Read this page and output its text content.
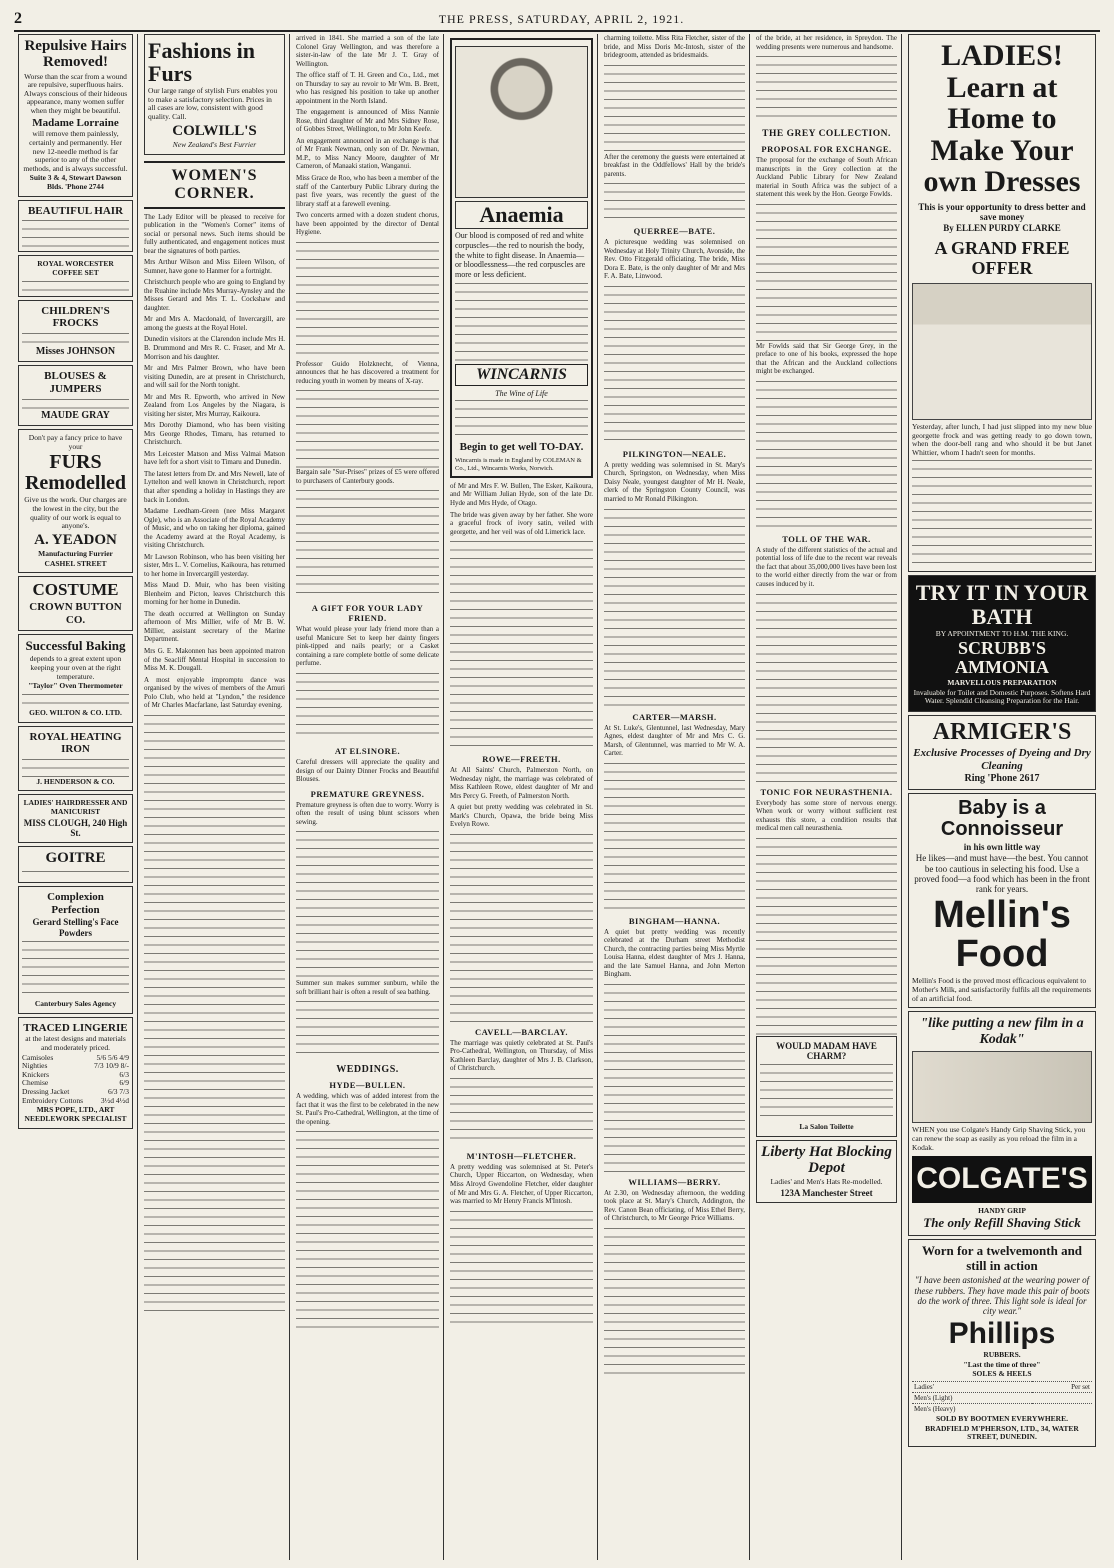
2	THE PRESS, SATURDAY, APRIL 2, 1921.
Repulsive Hairs Removed!

Worse than the scar from a wound are repulsive, superfluous hairs. Always conscious of their hideous appearance, many women suffer when they might be beautiful.

Madame Lorraine

will remove them painlessly, certainly and permanently. Her new 12-needle method is far superior to any of the other methods, and is always successful.

Suite 3 & 4, Stewart Dawson Blds. 'Phone 2744

BEAUTIFUL HAIR

ROYAL WORCESTER COFFEE SET

CHILDREN'S FROCKS

Misses JOHNSON

BLOUSES & JUMPERS

MAUDE GRAY

Don't pay a fancy price to have your

FURS Remodelled

Give us the work. Our charges are the lowest in the city, but the quality of our work is equal to anyone's.

A. YEADON

Manufacturing Furrier

CASHEL STREET

COSTUME
CROWN BUTTON CO.
Successful Baking

depends to a great extent upon keeping your oven at the right temperature.

"Taylor" Oven Thermometer

GEO. WILTON & CO. LTD.

ROYAL HEATING IRON

J. HENDERSON & CO.

LADIES' HAIRDRESSER AND MANICURIST

MISS CLOUGH, 240 High St.

GOITRE
Complexion Perfection

Gerard Stelling's Face Powders

Canterbury Sales Agency

TRACED LINGERIE

at the latest designs and materials and moderately priced.

Camisoles	5/6 5/6 4/9
Nighties	7/3 10/9 8/-
Knickers	6/3
Chemise	6/9
Dressing Jacket	6/3 7/3
Embroidery Cottons 3½d 4½d

MRS POPE, LTD., ART NEEDLEWORK SPECIALIST

Fashions in Furs

Our large range of stylish Furs enables you to make a satisfactory selection. Prices in all cases are low, consistent with good quality. Call.

COLWILL'S

New Zealand's Best Furrier

WOMEN'S CORNER.

The Lady Editor will be pleased to receive for publication in the "Women's Corner" items of social or personal news. Such items should be fully authenticated, and engagement notices must bear the signatures of both parties.

Mrs Arthur Wilson and Miss Eileen Wilson, of Sumner, have gone to Hanmer for a fortnight.

Christchurch people who are going to England by the Ruahine include Mrs Murray-Aynsley and the Misses Gerard and Mrs T. L. Cockshaw and daughter.

Mr and Mrs A. Macdonald, of Invercargill, are among the guests at the Royal Hotel.

Dunedin visitors at the Clarendon include Mrs H. B. Drummond and Mrs R. C. Fraser, and Mr A. Morrison and his daughter.

Mr and Mrs Palmer Brown, who have been visiting Dunedin, are at present in Christchurch, and will sail for the North tonight.

Mr and Mrs R. Epworth, who arrived in New Zealand from Los Angeles by the Niagara, is visiting her sister, Mrs Murray, Kaikoura.

Mrs Dorothy Diamond, who has been visiting Mrs George Rhodes, Timaru, has returned to Christchurch.

Mrs Leicester Matson and Miss Valmai Matson have left for a short visit to Timaru and Dunedin.

The latest letters from Dr. and Mrs Newell, late of Lyttelton and well known in Christchurch, report that after spending a holiday in Hastings they are back in London.

Madame Leedham-Green (nee Miss Margaret Ogle), who is an Associate of the Royal Academy of Music, and who on taking her diploma, gained the Academy award at the Royal Academy, is visiting Christchurch.

Mr Lawson Robinson, who has been visiting her sister, Mrs L. V. Cornelius, Kaikoura, has returned to her home in Invercargill yesterday.

Miss Maud D. Muir, who has been visiting Blenheim and Picton, leaves Christchurch this morning for her home in Dunedin.

The death occurred at Wellington on Sunday afternoon of Mrs Millier, wife of Mr B. W. Millier, assistant secretary of the Marine Department.

Mrs G. E. Makonnen has been appointed matron of the Seacliff Mental Hospital in succession to Miss M. K. Dougall.

A most enjoyable impromptu dance was organised by the wives of members of the Amuri Polo Club, who held at "Lyndon," the residence of Mr Charles Macfarlane, last Saturday evening.

arrived in 1841. She married a son of the late Colonel Gray Wellington, and was therefore a sister-in-law of the late Mr J. T. Gray of Wellington.

The office staff of T. H. Green and Co., Ltd., met on Thursday to say au revoir to Mr Wm. B. Brett, who has resigned his position to take up another appointment in the North Island.

The engagement is announced of Miss Nannie Rose, third daughter of Mr and Mrs Sidney Rose, of Gobbes Street, Wellington, to Mr John Keefe.

An engagement announced in an exchange is that of Mr Frank Newman, only son of Dr. Newman, M.P., to Miss Nancy Moore, daughter of Mr Cameron, of Manaaki station, Wanganui.

Miss Grace de Roo, who has been a member of the staff of the Canterbury Public Library during the past five years, was recently the guest of the library staff at a farewell evening.

Two concerts armed with a dozen student chorus, have been appointed by the director of Dental Hygiene.

Professor Guido Holzknecht, of Vienna, announces that he has discovered a treatment for reducing youth in women by means of X-ray.

Bargain sale "Sur-Prises" prizes of £5 were offered to purchasers of Canterbury goods.

A GIFT FOR YOUR LADY FRIEND.

What would please your lady friend more than a useful Manicure Set to keep her dainty fingers pink-tipped and nails pearly; or a Casket containing a rare complete bottle of some delicate perfume.

AT ELSINORE.

Careful dressers will appreciate the quality and design of our Dainty Dinner Frocks and Beautiful Blouses.

PREMATURE GREYNESS.

Premature greyness is often due to worry. Worry is often the result of using blunt scissors when sewing.

Summer sun makes summer sunburn, while the soft brilliant hair is often a result of sea bathing.

WEDDINGS.
HYDE—BULLEN.

A wedding, which was of added interest from the fact that it was the first to be celebrated in the new St. Paul's Pro-Cathedral, Wellington, at the time of the opening.

Anaemia

Our blood is composed of red and white corpuscles—the red to nourish the body, the white to fight disease. In Anaemia—or bloodlessness—the red corpuscles are more or less deficient.

WINCARNIS

The Wine of Life

Begin to get well TO-DAY.

Wincarnis is made in England by COLEMAN & Co., Ltd., Wincarnis Works, Norwich.

of Mr and Mrs F. W. Bullen, The Esker, Kaikoura, and Mr William Julian Hyde, son of the late Dr. Hyde and Mrs Hyde, of Otago.

The bride was given away by her father. She wore a graceful frock of ivory satin, veiled with georgette, and her veil was of old Limerick lace.

ROWE—FREETH.

At All Saints' Church, Palmerston North, on Wednesday night, the marriage was celebrated of Miss Kathleen Rowe, eldest daughter of Mr and Mrs Percy G. Freeth, of Palmerston North.

A quiet but pretty wedding was celebrated in St. Mark's Church, Opawa, the bride being Miss Evelyn Rowe.

CAVELL—BARCLAY.

The marriage was quietly celebrated at St. Paul's Pro-Cathedral, Wellington, on Thursday, of Miss Kathleen Barclay, daughter of Mrs J. B. Clarkson, of Christchurch.

M'INTOSH—FLETCHER.

A pretty wedding was solemnised at St. Peter's Church, Upper Riccarton, on Wednesday, when Miss Alroyd Gwendoline Fletcher, elder daughter of Mr and Mrs G. A. Fletcher, of Upper Riccarton, was married to Mr Henry Francis M'Intosh.

charming toilette. Miss Rita Fletcher, sister of the bride, and Miss Doris Mc-Intosh, sister of the bridegroom, attended as bridesmaids.

After the ceremony the guests were entertained at breakfast in the Oddfellows' Hall by the bride's parents.

QUERREE—BATE.

A picturesque wedding was solemnised on Wednesday at Holy Trinity Church, Avonside, the Rev. Otto Fitzgerald officiating. The bride, Miss Dora E. Bate, is the only daughter of Mr and Mrs F. A. Bate, Linwood.

PILKINGTON—NEALE.

A pretty wedding was solemnised in St. Mary's Church, Springston, on Wednesday, when Miss Daisy Neale, youngest daughter of Mr H. Neale, clerk of the Springston County Council, was married to Mr Ronald Pilkington.

CARTER—MARSH.

At St. Luke's, Glentunnel, last Wednesday, Mary Agnes, eldest daughter of Mr and Mrs C. G. Marsh, of Glentunnel, was married to Mr W. A. Carter.

BINGHAM—HANNA.

A quiet but pretty wedding was recently celebrated at the Durham street Methodist Church, the contracting parties being Miss Myrtle Louisa Hanna, eldest daughter of Mrs J. Hanna, and the late Samuel Hanna, and John Merton Bingham.

WILLIAMS—BERRY.

At 2.30, on Wednesday afternoon, the wedding took place at St. Mary's Church, Addington, the Rev. Canon Bean officiating, of Miss Ethel Berry, of Christchurch, to Mr George Price Williams.

of the bride, at her residence, in Spreydon. The wedding presents were numerous and handsome.

THE GREY COLLECTION.
PROPOSAL FOR EXCHANGE.

The proposal for the exchange of South African manuscripts in the Grey collection at the Auckland Public Library for New Zealand material in South Africa was the subject of a statement this week by the Hon. George Fowlds.

Mr Fowlds said that Sir George Grey, in the preface to one of his books, expressed the hope that the African and the Auckland collections might be exchanged.

TOLL OF THE WAR.

A study of the different statistics of the actual and potential loss of life due to the recent war reveals the fact that about 35,000,000 lives have been lost to the world either directly from the war or from causes induced by it.

TONIC FOR NEURASTHENIA.

Everybody has some store of nervous energy. When work or worry without sufficient rest exhausts this store, a condition results that medical men call neurasthenia.

WOULD MADAM HAVE CHARM?

La Salon Toilette

Liberty Hat Blocking Depot

Ladies' and Men's Hats Re-modelled.

123A Manchester Street

LADIES! Learn at Home to Make Your own Dresses

This is your opportunity to dress better and save money

By ELLEN PURDY CLARKE

A GRAND FREE OFFER

Yesterday, after lunch, I had just slipped into my new blue georgette frock and was getting ready to go down town, when the door-bell rang and who should it be but Janet Whittier, whom I hadn't seen for months.

TRY IT IN YOUR BATH

BY APPOINTMENT TO H.M. THE KING.

SCRUBB'S AMMONIA

MARVELLOUS PREPARATION

Invaluable for Toilet and Domestic Purposes. Softens Hard Water. Splendid Cleansing Preparation for the Hair.

ARMIGER'S
Exclusive Processes of Dyeing and Dry Cleaning

Ring 'Phone 2617

Baby is a Connoisseur

in his own little way

He likes—and must have—the best. You cannot be too cautious in selecting his food. Use a proved food—a food which has been in the front rank for years.

Mellin's Food

Mellin's Food is the proved most efficacious equivalent to Mother's Milk, and satisfactorily fulfils all the requirements of an artificial food.

"like putting a new film in a Kodak"

WHEN you use Colgate's Handy Grip Shaving Stick, you can renew the soap as easily as you reload the film in a Kodak.

COLGATE'S

HANDY GRIP

The only Refill Shaving Stick

Worn for a twelvemonth and still in action

"I have been astonished at the wearing power of these rubbers. They have made this pair of boots do the work of three. This light sole is ideal for city wear."

Phillips

RUBBERS.

"Last the time of three"

SOLES & HEELS

Ladies'	Per set
Men's (Light)	
Men's (Heavy)	

SOLD BY BOOTMEN EVERYWHERE.

BRADFIELD M'PHERSON, LTD., 34, WATER STREET, DUNEDIN.
